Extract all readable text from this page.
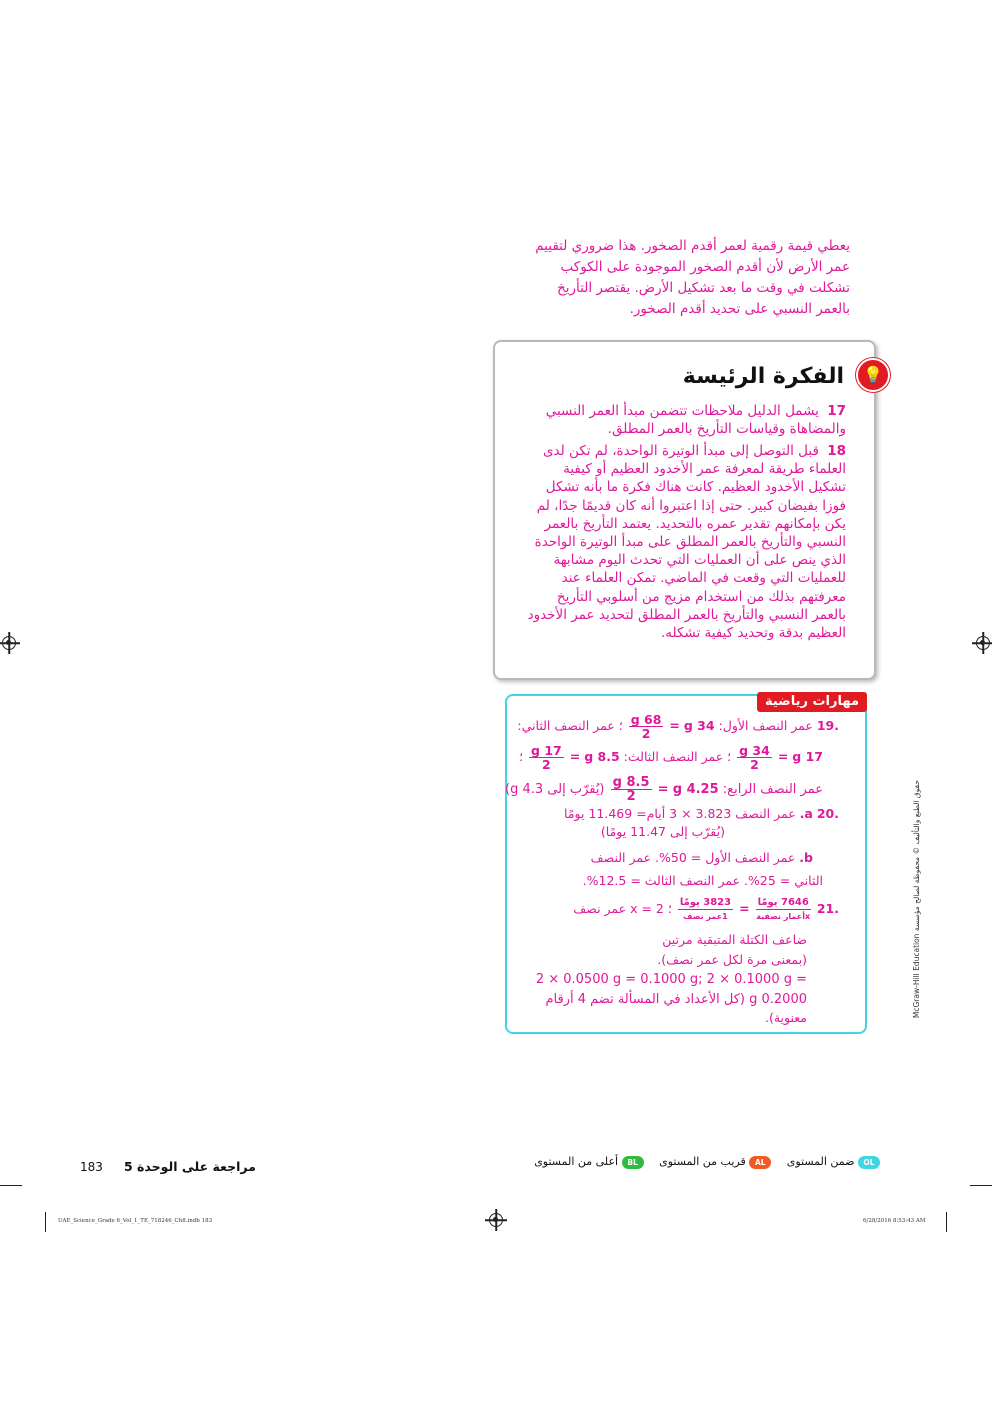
يعطي قيمة رقمية لعمر أقدم الصخور. هذا ضروري لتقييم

عمر الأرض لأن أقدم الصخور الموجودة على الكوكب

تشكلت في وقت ما بعد تشكيل الأرض. يقتصر التأريخ

بالعمر النسبي على تحديد أقدم الصخور.

💡
الفكرة الرئيسة
17 يشمل الدليل ملاحظات تتضمن مبدأ العمر النسبي والمضاهاة وقياسات التأريخ بالعمر المطلق.
18 قبل التوصل إلى مبدأ الوتيرة الواحدة، لم تكن لدى العلماء طريقة لمعرفة عمر الأخدود العظيم أو كيفية تشكيل الأخدود العظيم. كانت هناك فكرة ما بأنه تشكل فوزا بفيضان كبير. حتى إذا اعتبروا أنه كان قديمًا جدًا، لم يكن بإمكانهم تقدير عمره بالتحديد. يعتمد التأريخ بالعمر النسبي والتأريخ بالعمر المطلق على مبدأ الوتيرة الواحدة الذي ينص على أن العمليات التي تحدث اليوم مشابهة للعمليات التي وقعت في الماضي. تمكن العلماء عند معرفتهم بذلك من استخدام مزيج من أسلوبي التأريخ بالعمر النسبي والتأريخ بالعمر المطلق لتحديد عمر الأخدود العظيم بدقة وتحديد كيفية تشكله.
مهارات رياضية
.19 عمر النصف الأول: 34 g =
$\frac{68 g}{2}$
؛ عمر النصف الثاني:
17 g =
$\frac{34 g}{2}$
؛ عمر النصف الثالث: 8.5 g =
$\frac{17 g}{2}$
؛
عمر النصف الرابع: 4.25 g =
$\frac{8.5 g}{2}$
(يُقرّب إلى 4.3 g)
.20 a. عمر النصف 3.823 × 3 أيام= 11.469 يومًا
(يُقرّب إلى 11.47 يومًا)
b. عمر النصف الأول = 50%. عمر النصف
الثاني = 25%. عمر النصف الثالث = 12.5%.
.21
$\frac{\text{7646 يومًا}}{\text{xأعمار نصفية}}$
=
$\frac{\text{3823 يومًا}}{\text{1عمر نصف}}$
؛ x = 2 عمر نصف
ضاعف الكتلة المتبقية مرتين
(بمعنى مرة لكل عمر نصف).
2 × 0.0500 g = 0.1000 g; 2 × 0.1000 g =
0.2000 g (كل الأعداد في المسألة تضم 4 أرقام
معنوية).	McGraw-Hill Education حقوق الطبع والتأليف © محفوظة لصالح مؤسسة
183 مراجعة على الوحدة 5	OL ضمن المستوى AL قريب من المستوى BL أعلى من المستوى
UAE_Science_Grade 6_Vol_1_TE_718246_Ch8.indb 183	6/28/2016 8:53:43 AM
